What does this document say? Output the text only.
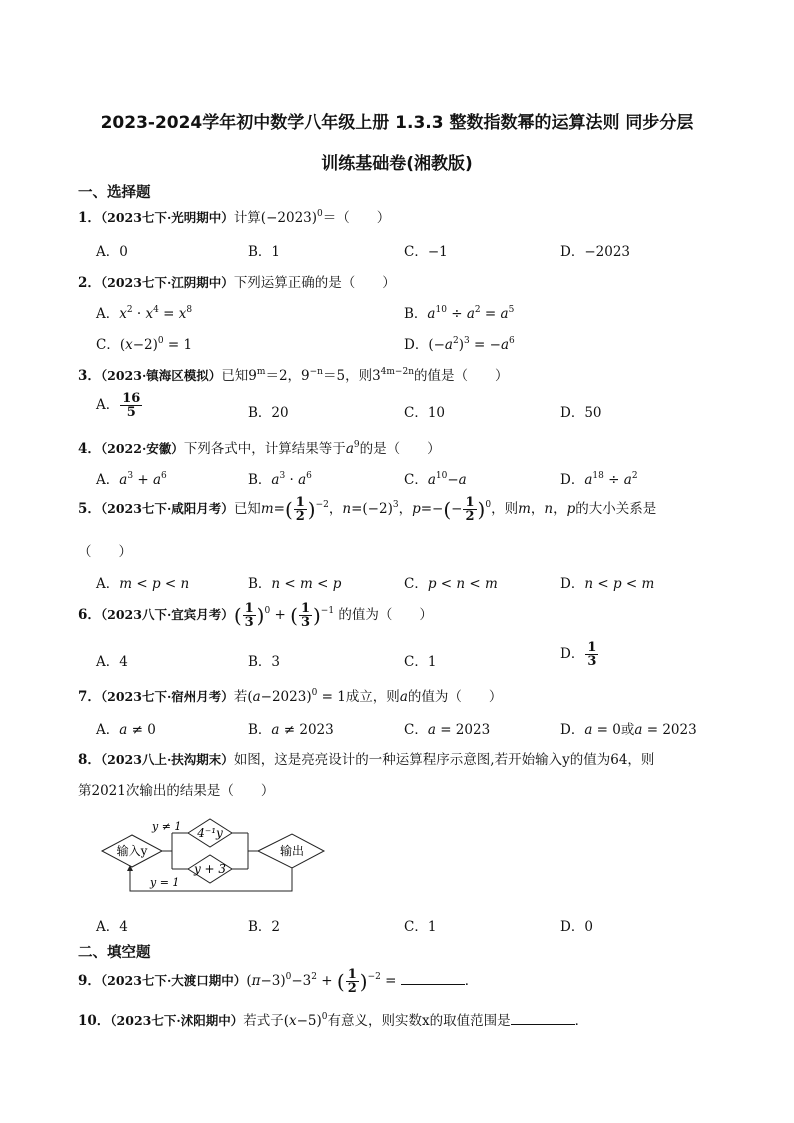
2023-2024学年初中数学八年级上册 1.3.3 整数指数幂的运算法则 同步分层
训练基础卷(湘教版)
一、选择题
1．（2023七下·光明期中）计算$(-2023)^0=$（　　）
A．0	B．1	C．−1	D．−2023
2．（2023七下·江阴期中）下列运算正确的是（　　）
A．$x^2 \cdot x^4 = x^8$	B．$a^{10} \div a^2 = a^5$
C．$(x-2)^0 = 1$	D．$(-a^2)^3 = -a^6$
3．（2023·镇海区模拟）已知$9^m=2$，$9^{-n}=5$，则$3^{4m-2n}$的值是（　　）
A． $\frac{16}{5}$	B．20	C．10	D．50
4．（2022·安徽）下列各式中，计算结果等于$a^9$的是（　　）
A．$a^3 + a^6$	B．$a^3 \cdot a^6$	C．$a^{10}-a$	D．$a^{18} \div a^2$
5．（2023七下·咸阳月考）已知$m=( \frac{1}{2} )^{-2}$，$n=(-2)^3$，$p=-(- \frac{1}{2} )^0$，则m，n，p的大小关系是
（　　）
A．m < p < n	B．n < m < p	C．p < n < m	D．n < p < m
6．（2023八下·宜宾月考）( $\frac{1}{3} )^0$ + ( $\frac{1}{3} )^{-1}$ 的值为（　　）
A．4	B．3	C．1	D． $\frac{1}{3}$
7．（2023七下·宿州月考）若$(a-2023)^0 = 1$成立，则a的值为（　　）
A．a ≠ 0	B．a ≠ 2023	C．a = 2023	D．a = 0或a = 2023
8．（2023八上·扶沟期末）如图，这是亮亮设计的一种运算程序示意图,若开始输入y的值为64，则
第2021次输出的结果是（　　）
输入y	输出
4⁻¹y
y + 3
y ≠ 1
y = 1
A．4	B．2	C．1	D．0
二、填空题
9．（2023七下·大渡口期中）$(\pi-3)^0-3^2$ + ( $\frac{1}{2} )^{-2}$ =	．
10．（2023七下·沭阳期中）若式子$(x-5)^0$有意义，则实数x的取值范围是	．
